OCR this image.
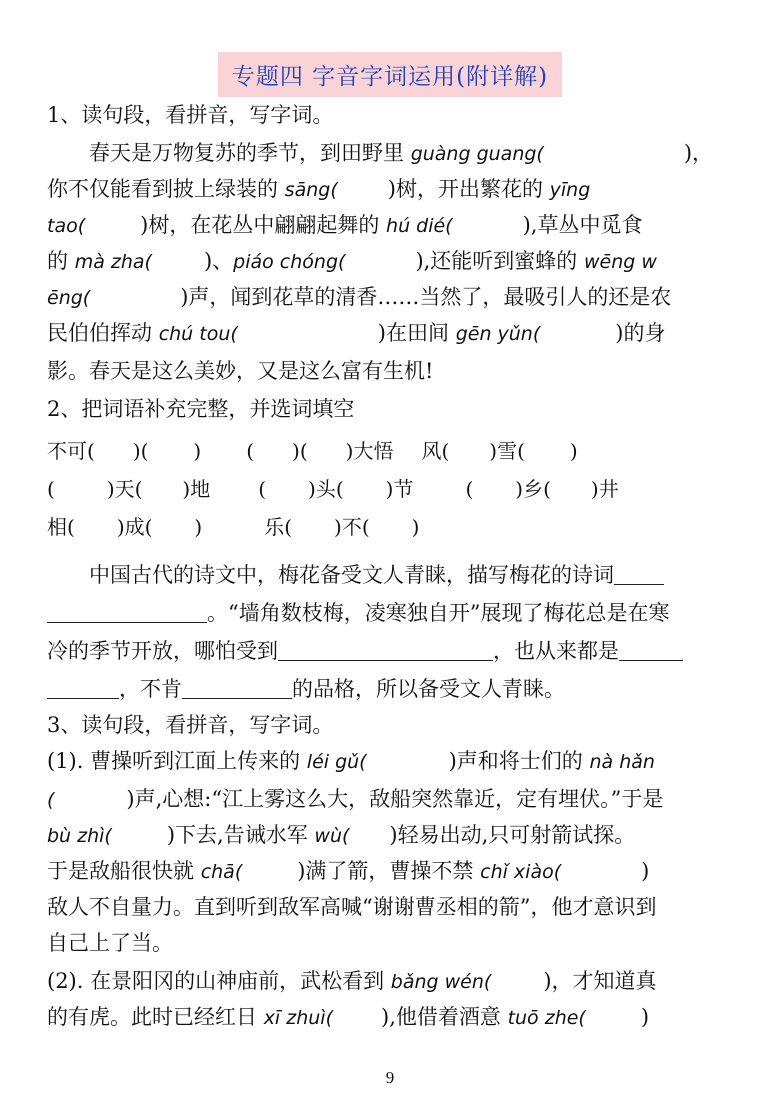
专题四 字音字词运用(附详解)
1、读句段，看拼音，写字词。
春天是万物复苏的季节，到田野里 guàng guang(	)，
你不仅能看到披上绿装的 sāng( )树，开出繁花的 yīng
tao(	)树，在花丛中翩翩起舞的 hú dié(	),草丛中觅食
的 mà zha( )、piáo chóng(	),还能听到蜜蜂的 wēng w
ēng(	)声，闻到花草的清香……当然了，最吸引人的还是农
民伯伯挥动 chú tou(	)在田间 gēn yǔn(	)的身
影。春天是这么美妙，又是这么富有生机!
2、把词语补充完整，并选词填空
不可( )( ) ( )( )大悟 风( )雪( )
(	)天( )地 ( )头( )节	( )乡( )井
相( )成( )	乐( )不( )
中国古代的诗文中，梅花备受文人青睐，描写梅花的诗词
。“墙角数枝梅，凌寒独自开”展现了梅花总是在寒
冷的季节开放，哪怕受到	，也从来都是
，不肯	的品格，所以备受文人青睐。
3、读句段，看拼音，写字词。
(1). 曹操听到江面上传来的 léi gǔ(	)声和将士们的 nà hǎn
(	)声,心想:“江上雾这么大，敌船突然靠近，定有埋伏。”于是
bù zhì(	)下去,告诫水军 wù( )轻易出动,只可射箭试探。
于是敌船很快就 chā(	)满了箭，曹操不禁 chǐ xiào(	)
敌人不自量力。直到听到敌军高喊“谢谢曹丞相的箭”，他才意识到
自己上了当。
(2). 在景阳冈的山神庙前，武松看到 bǎng wén( )，才知道真
的有虎。此时已经红日 xī zhuì( ),他借着酒意 tuō zhe(	)
9
